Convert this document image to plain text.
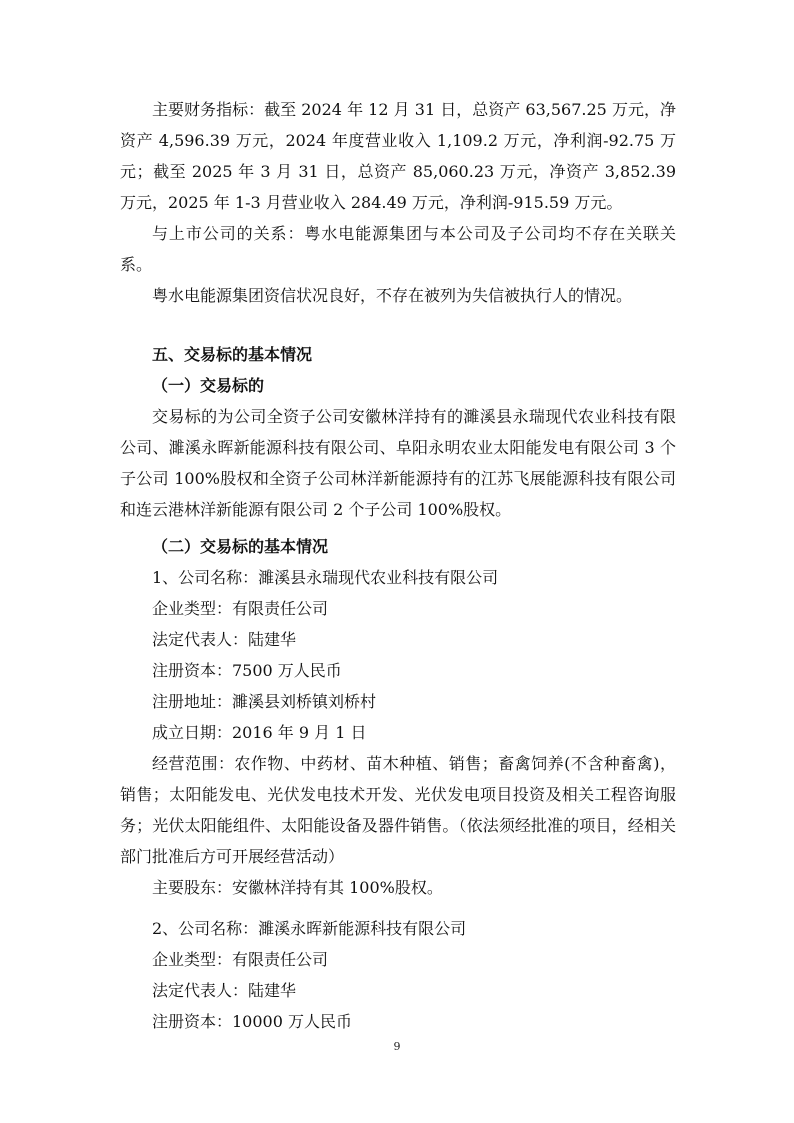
主要财务指标：截至 2024 年 12 月 31 日，总资产 63,567.25 万元，净资产 4,596.39 万元，2024 年度营业收入 1,109.2 万元，净利润-92.75 万元；截至 2025 年 3 月 31 日，总资产 85,060.23 万元，净资产 3,852.39 万元，2025 年 1-3 月营业收入 284.49 万元，净利润-915.59 万元。

与上市公司的关系：粤水电能源集团与本公司及子公司均不存在关联关系。

粤水电能源集团资信状况良好，不存在被列为失信被执行人的情况。

五、交易标的基本情况

（一）交易标的

交易标的为公司全资子公司安徽林洋持有的濉溪县永瑞现代农业科技有限公司、濉溪永晖新能源科技有限公司、阜阳永明农业太阳能发电有限公司 3 个子公司 100%股权和全资子公司林洋新能源持有的江苏飞展能源科技有限公司和连云港林洋新能源有限公司 2 个子公司 100%股权。

（二）交易标的基本情况

1、公司名称：濉溪县永瑞现代农业科技有限公司

企业类型：有限责任公司

法定代表人：陆建华

注册资本：7500 万人民币

注册地址：濉溪县刘桥镇刘桥村

成立日期：2016 年 9 月 1 日

经营范围：农作物、中药材、苗木种植、销售；畜禽饲养(不含种畜禽)，销售；太阳能发电、光伏发电技术开发、光伏发电项目投资及相关工程咨询服务；光伏太阳能组件、太阳能设备及器件销售。（依法须经批准的项目，经相关部门批准后方可开展经营活动）

主要股东：安徽林洋持有其 100%股权。

2、公司名称：濉溪永晖新能源科技有限公司

企业类型：有限责任公司

法定代表人：陆建华

注册资本：10000 万人民币

9
